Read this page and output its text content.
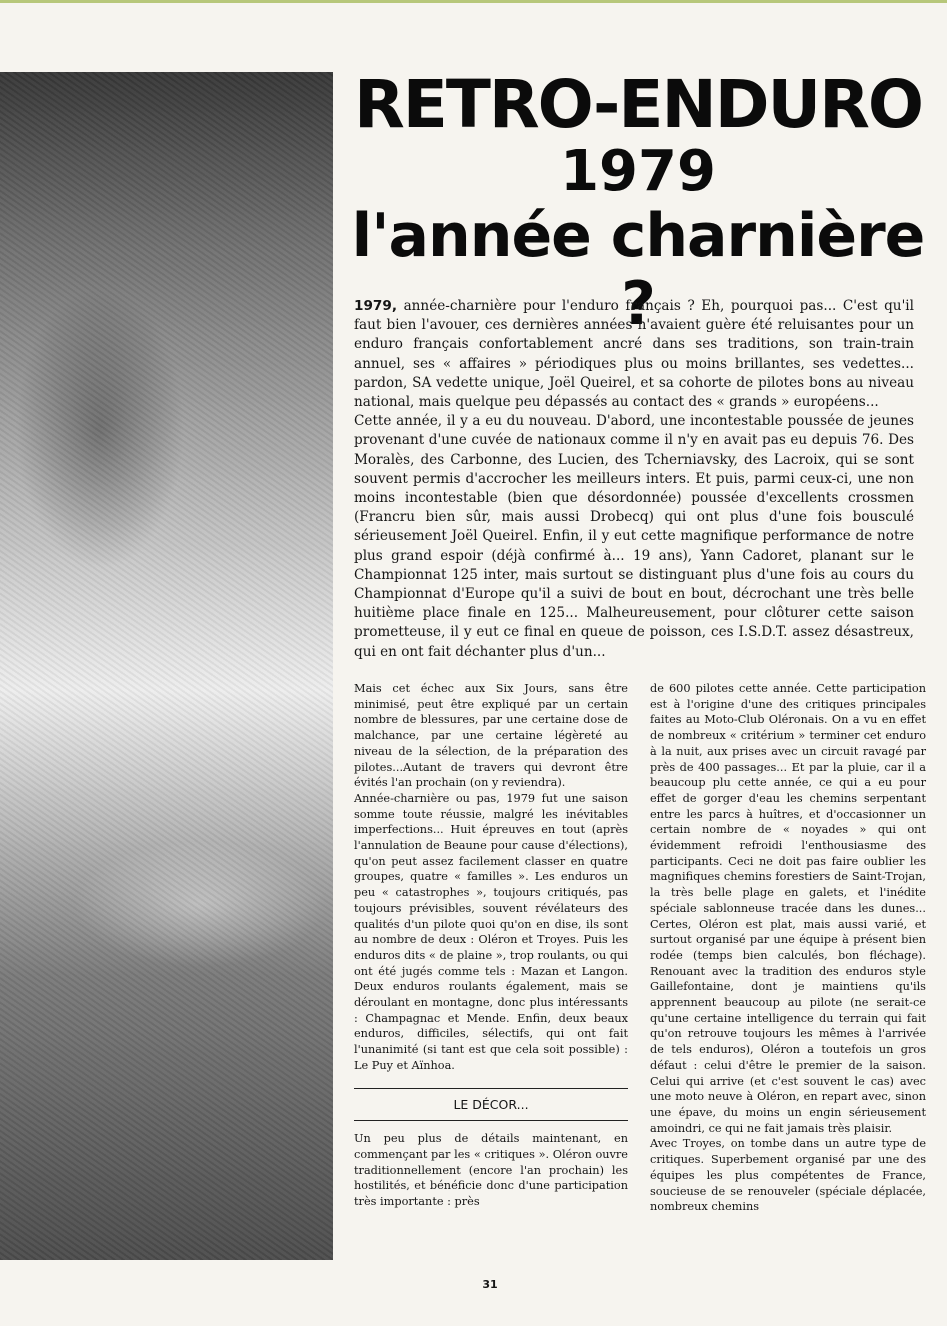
RETRO-ENDURO
1979
l'année charnière ?

1979, année-charnière pour l'enduro français ? Eh, pourquoi pas... C'est qu'il faut bien l'avouer, ces dernières années n'avaient guère été reluisantes pour un enduro français confortablement ancré dans ses traditions, son train-train annuel, ses « affaires » périodiques plus ou moins brillantes, ses vedettes... pardon, SA vedette unique, Joël Queirel, et sa cohorte de pilotes bons au niveau national, mais quelque peu dépassés au contact des « grands » européens...

Cette année, il y a eu du nouveau. D'abord, une incontestable poussée de jeunes provenant d'une cuvée de nationaux comme il n'y en avait pas eu depuis 76. Des Moralès, des Carbonne, des Lucien, des Tcherniavsky, des Lacroix, qui se sont souvent permis d'accrocher les meilleurs inters. Et puis, parmi ceux-ci, une non moins incontestable (bien que désordonnée) poussée d'excellents crossmen (Francru bien sûr, mais aussi Drobecq) qui ont plus d'une fois bousculé sérieusement Joël Queirel. Enfin, il y eut cette magnifique performance de notre plus grand espoir (déjà confirmé à... 19 ans), Yann Cadoret, planant sur le Championnat 125 inter, mais surtout se distinguant plus d'une fois au cours du Championnat d'Europe qu'il a suivi de bout en bout, décrochant une très belle huitième place finale en 125... Malheureusement, pour clôturer cette saison prometteuse, il y eut ce final en queue de poisson, ces I.S.D.T. assez désastreux, qui en ont fait déchanter plus d'un...

Mais cet échec aux Six Jours, sans être minimisé, peut être expliqué par un certain nombre de blessures, par une certaine dose de malchance, par une certaine légèreté au niveau de la sélection, de la préparation des pilotes...Autant de travers qui devront être évités l'an prochain (on y reviendra).

Année-charnière ou pas, 1979 fut une saison somme toute réussie, malgré les inévitables imperfections... Huit épreuves en tout (après l'annulation de Beaune pour cause d'élections), qu'on peut assez facilement classer en quatre groupes, quatre « familles ». Les enduros un peu « catastrophes », toujours critiqués, pas toujours prévisibles, souvent révélateurs des qualités d'un pilote quoi qu'on en dise, ils sont au nombre de deux : Oléron et Troyes. Puis les enduros dits « de plaine », trop roulants, ou qui ont été jugés comme tels : Mazan et Langon. Deux enduros roulants également, mais se déroulant en montagne, donc plus intéressants : Champagnac et Mende. Enfin, deux beaux enduros, difficiles, sélectifs, qui ont fait l'unanimité (si tant est que cela soit possible) : Le Puy et Aïnhoa.

LE DÉCOR...

Un peu plus de détails maintenant, en commençant par les « critiques ». Oléron ouvre traditionnellement (encore l'an prochain) les hostilités, et bénéficie donc d'une participation très importante : près

de 600 pilotes cette année. Cette participation est à l'origine d'une des critiques principales faites au Moto-Club Oléronais. On a vu en effet de nombreux « critérium » terminer cet enduro à la nuit, aux prises avec un circuit ravagé par près de 400 passages... Et par la pluie, car il a beaucoup plu cette année, ce qui a eu pour effet de gorger d'eau les chemins serpentant entre les parcs à huîtres, et d'occasionner un certain nombre de « noyades » qui ont évidemment refroidi l'enthousiasme des participants. Ceci ne doit pas faire oublier les magnifiques chemins forestiers de Saint-Trojan, la très belle plage en galets, et l'inédite spéciale sablonneuse tracée dans les dunes... Certes, Oléron est plat, mais aussi varié, et surtout organisé par une équipe à présent bien rodée (temps bien calculés, bon fléchage). Renouant avec la tradition des enduros style Gaillefontaine, dont je maintiens qu'ils apprennent beaucoup au pilote (ne serait-ce qu'une certaine intelligence du terrain qui fait qu'on retrouve toujours les mêmes à l'arrivée de tels enduros), Oléron a toutefois un gros défaut : celui d'être le premier de la saison. Celui qui arrive (et c'est souvent le cas) avec une moto neuve à Oléron, en repart avec, sinon une épave, du moins un engin sérieusement amoindri, ce qui ne fait jamais très plaisir.

Avec Troyes, on tombe dans un autre type de critiques. Superbement organisé par une des équipes les plus compétentes de France, soucieuse de se renouveler (spéciale déplacée, nombreux chemins

31
